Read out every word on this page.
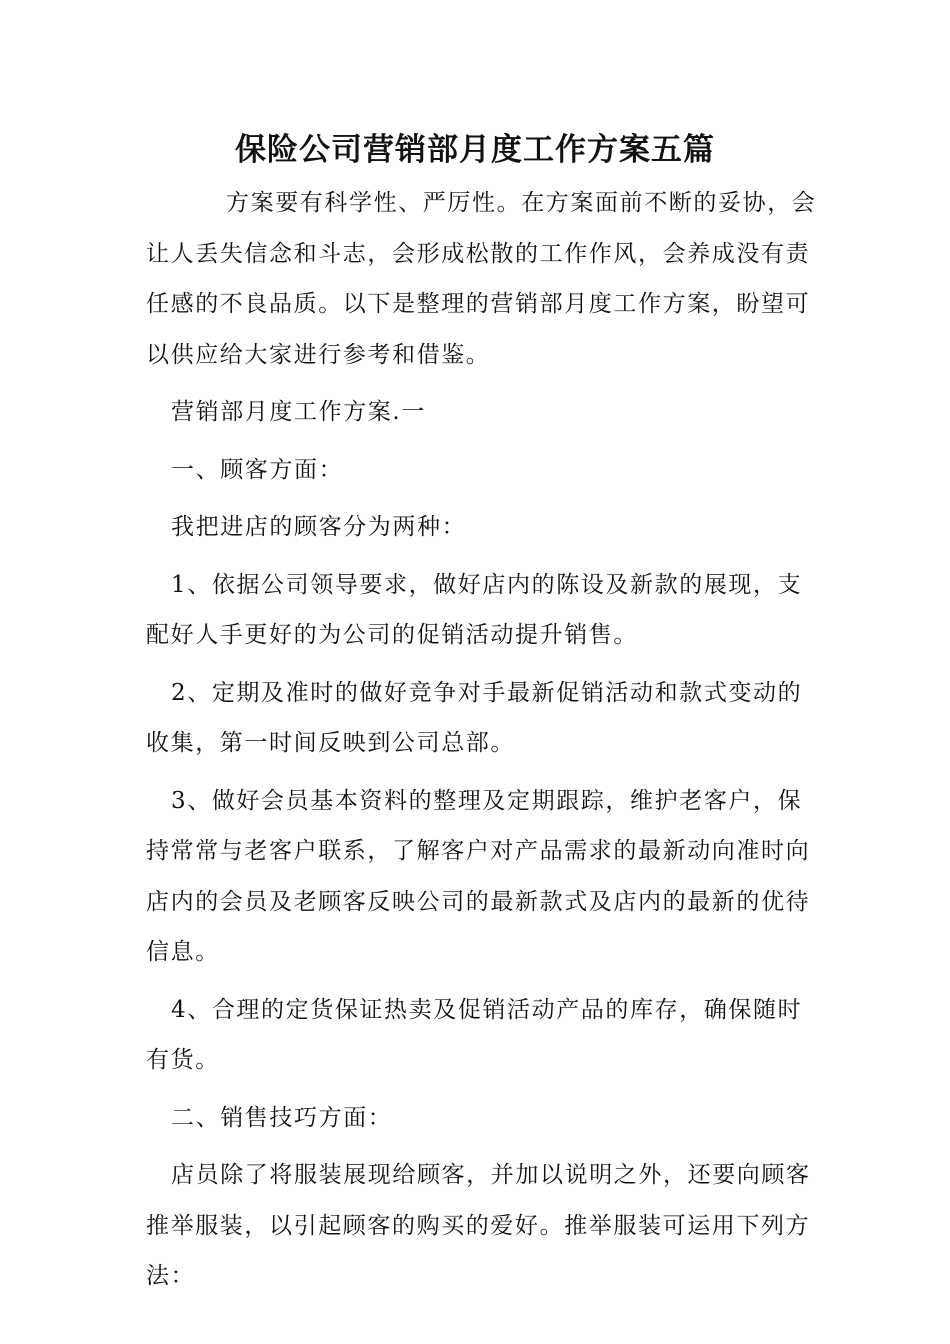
保险公司营销部月度工作方案五篇

方案要有科学性、严厉性。在方案面前不断的妥协，会让人丢失信念和斗志，会形成松散的工作作风，会养成没有责任感的不良品质。以下是整理的营销部月度工作方案，盼望可以供应给大家进行参考和借鉴。

营销部月度工作方案.一

一、顾客方面：

我把进店的顾客分为两种：

1、依据公司领导要求，做好店内的陈设及新款的展现，支配好人手更好的为公司的促销活动提升销售。

2、定期及准时的做好竞争对手最新促销活动和款式变动的收集，第一时间反映到公司总部。

3、做好会员基本资料的整理及定期跟踪，维护老客户，保持常常与老客户联系，了解客户对产品需求的最新动向准时向店内的会员及老顾客反映公司的最新款式及店内的最新的优待信息。

4、合理的定货保证热卖及促销活动产品的库存，确保随时有货。

二、销售技巧方面：

店员除了将服装展现给顾客，并加以说明之外，还要向顾客推举服装，以引起顾客的购买的爱好。推举服装可运用下列方法：
